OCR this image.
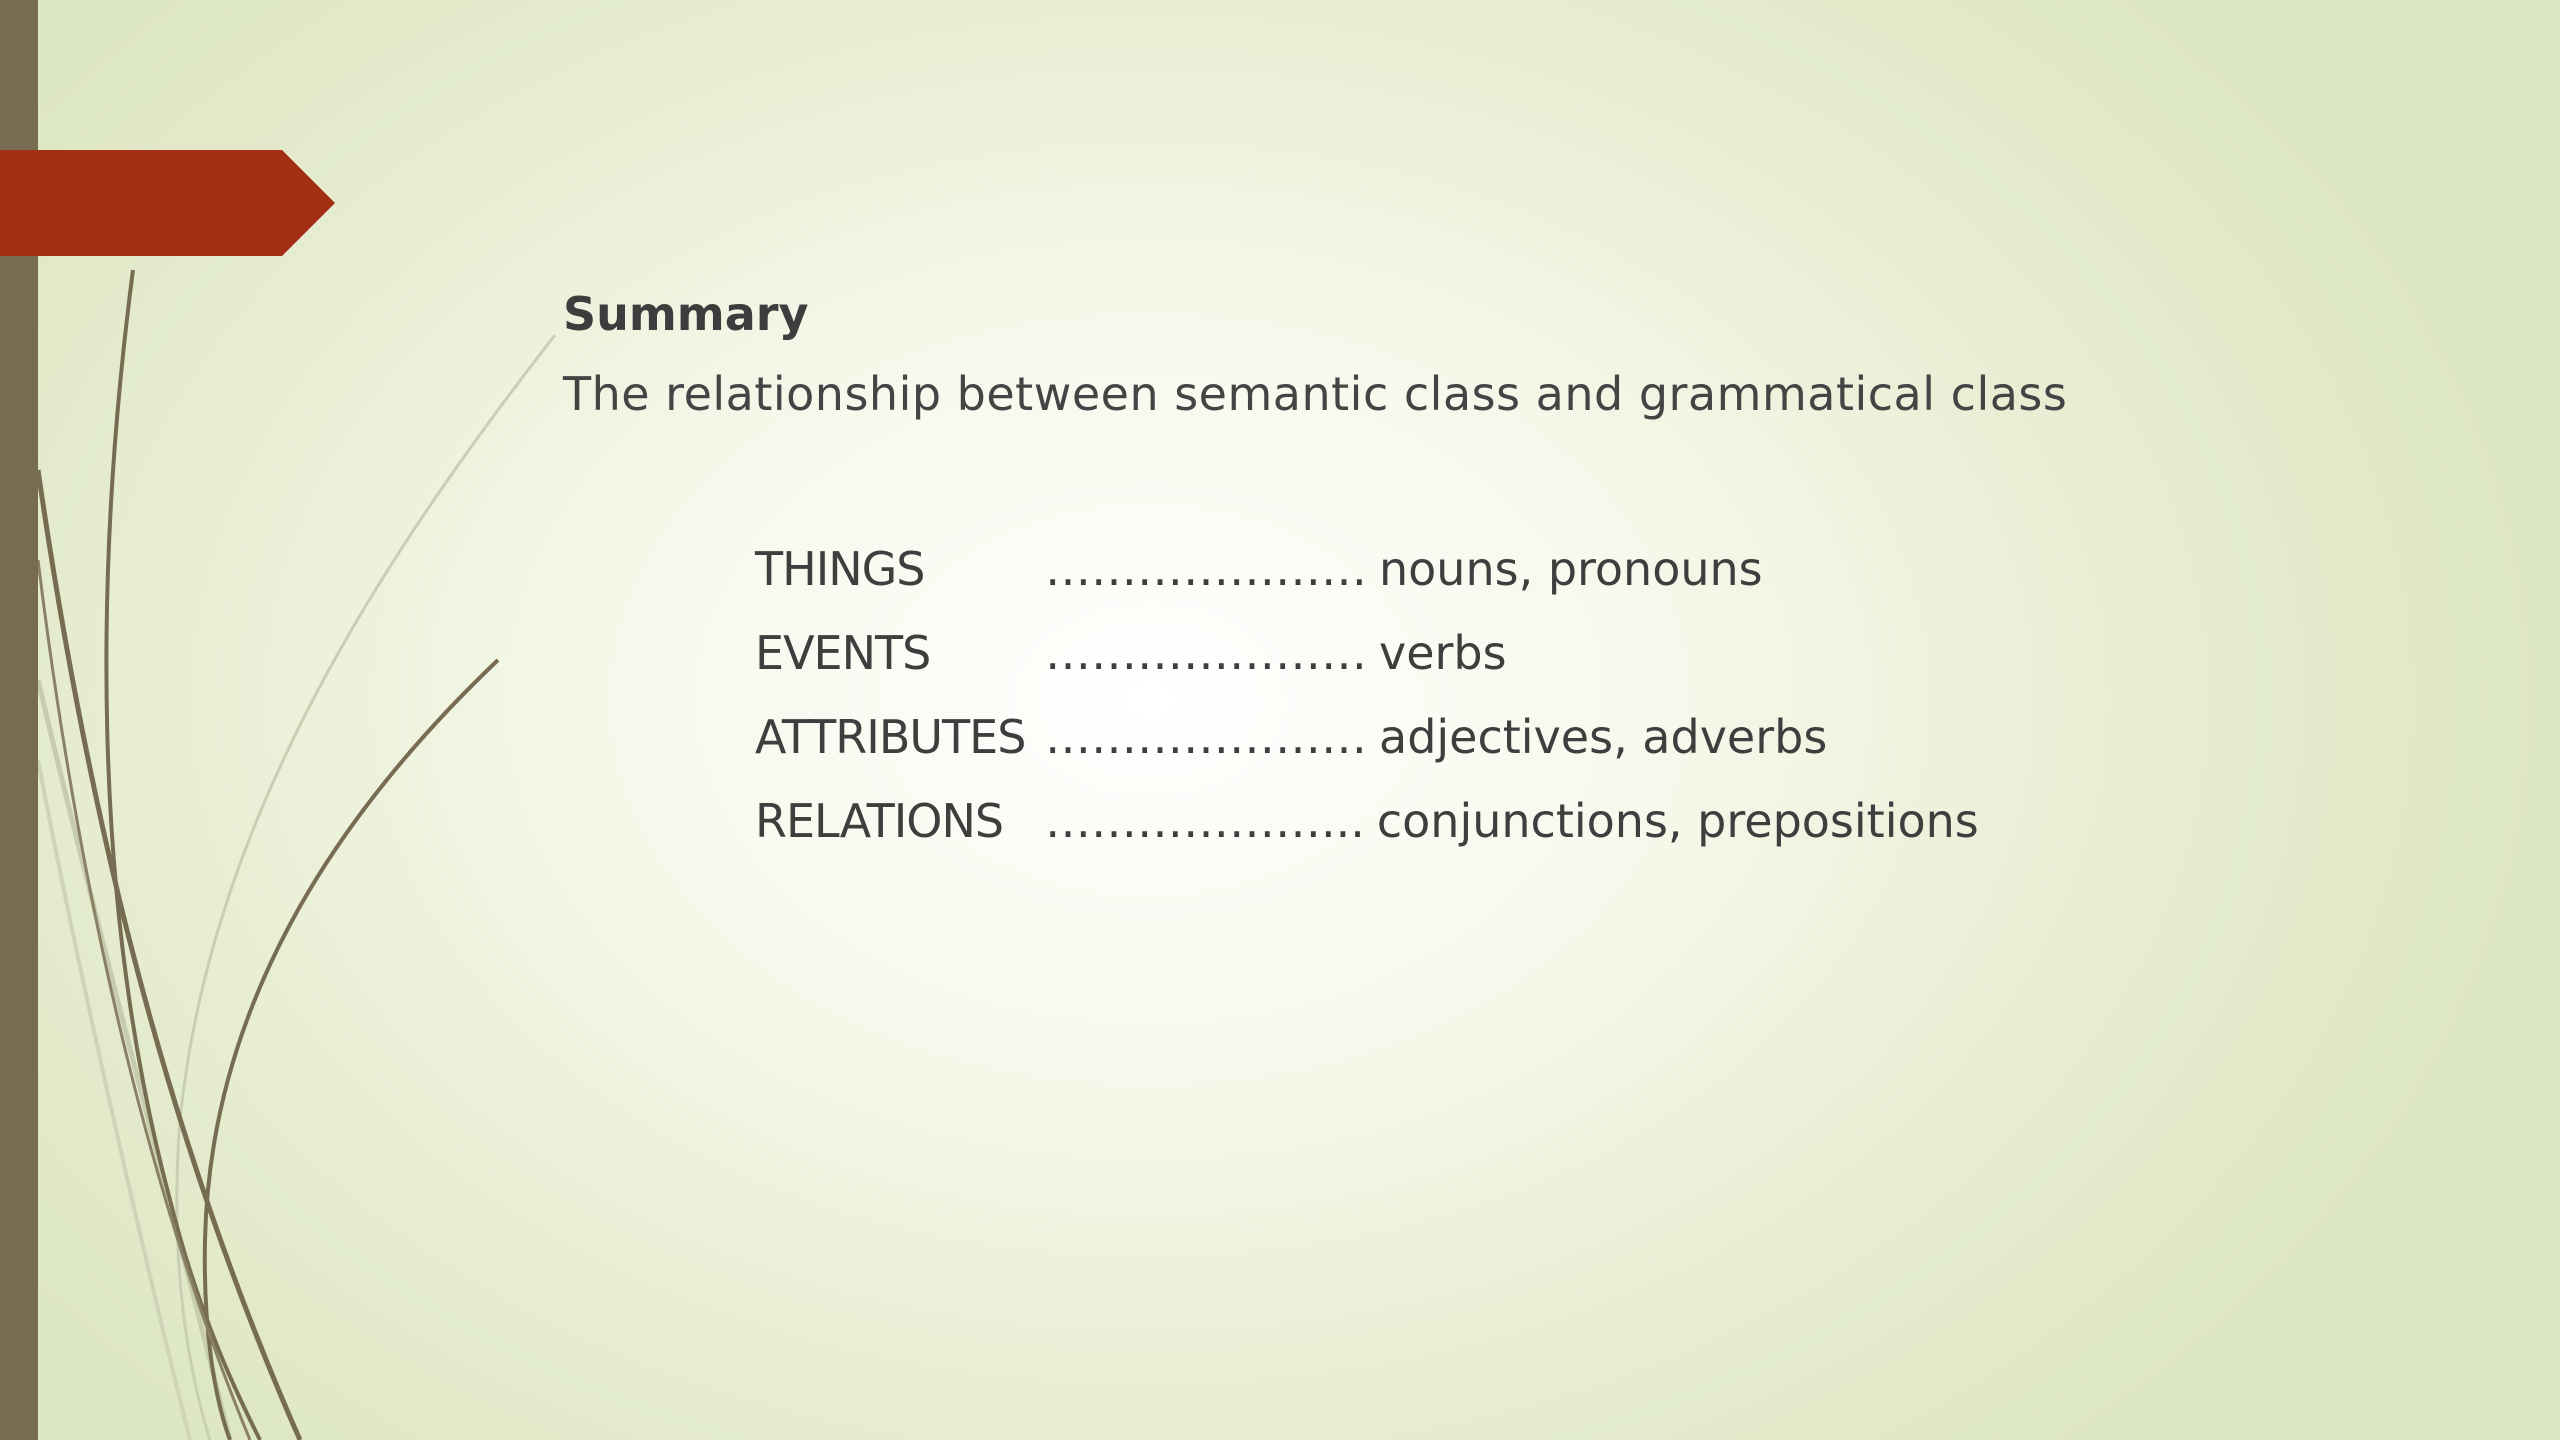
Summary

The relationship between semantic class and grammatical class

THINGS	………………… nouns, pronouns
EVENTS	………………… verbs
ATTRIBUTES ………………… adjectives, adverbs
RELATIONS ………………... conjunctions, prepositions
